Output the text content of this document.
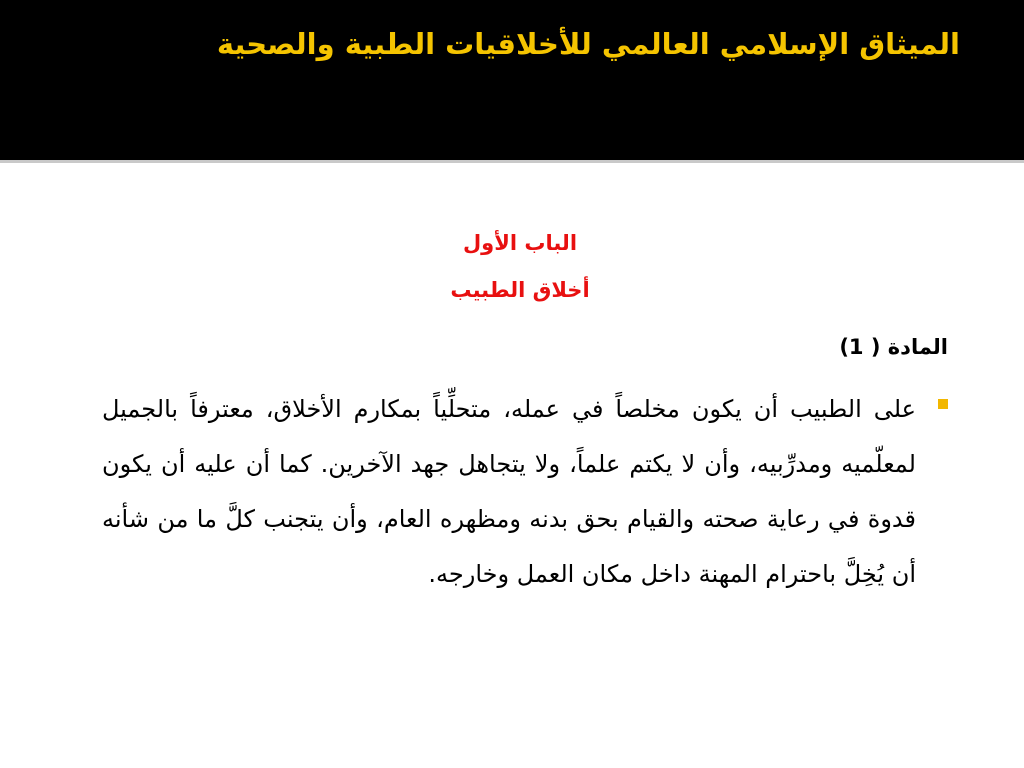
الميثاق الإسلامي العالمي للأخلاقيات الطبية والصحية
الباب الأول
أخلاق الطبيب
المادة ( 1)

على الطبيب أن يكون مخلصاً في عمله، متحلِّياً بمكارم الأخلاق، معترفاً بالجميل لمعلّميه ومدرِّبيه، وأن لا يكتم علماً، ولا يتجاهل جهد الآخرين. كما أن عليه أن يكون قدوة في رعاية صحته والقيام بحق بدنه ومظهره العام، وأن يتجنب كلَّ ما من شأنه أن يُخِلَّ باحترام المهنة داخل مكان العمل وخارجه.
